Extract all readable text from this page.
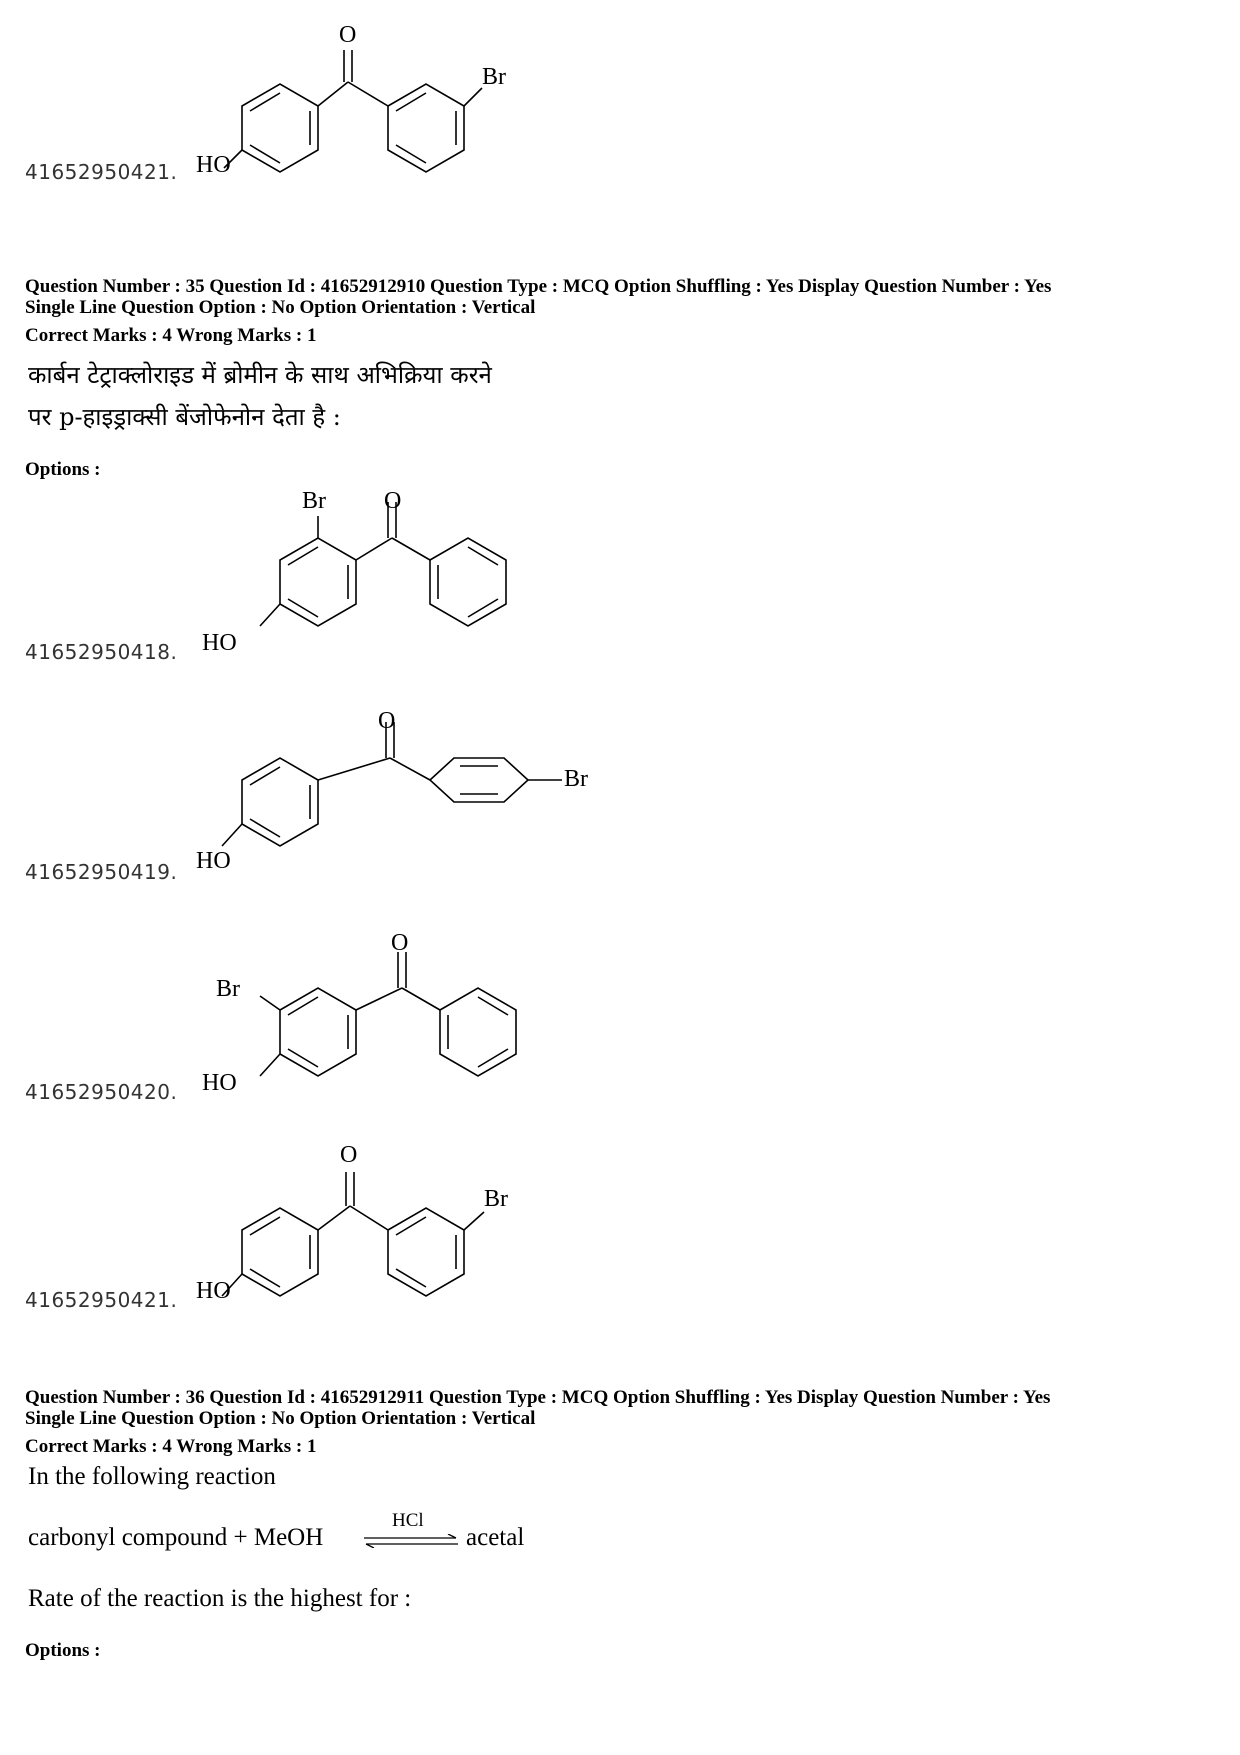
O
Br
HO
41652950421.
Question Number : 35 Question Id : 41652912910 Question Type : MCQ Option Shuffling : Yes Display Question Number : Yes
Single Line Question Option : No Option Orientation : Vertical
Correct Marks : 4 Wrong Marks : 1
कार्बन टेट्राक्लोराइड में ब्रोमीन के साथ अभिक्रिया करने
पर p-हाइड्राक्सी बेंजोफेनोन देता है :
Options :
Br O
HO
41652950418.
O
Br
HO
41652950419.
O
Br
HO
41652950420.
O
Br
HO
41652950421.
Question Number : 36 Question Id : 41652912911 Question Type : MCQ Option Shuffling : Yes Display Question Number : Yes
Single Line Question Option : No Option Orientation : Vertical
Correct Marks : 4 Wrong Marks : 1
In the following reaction
carbonyl compound + MeOH
HCl
acetal
Rate of the reaction is the highest for :
Options :
